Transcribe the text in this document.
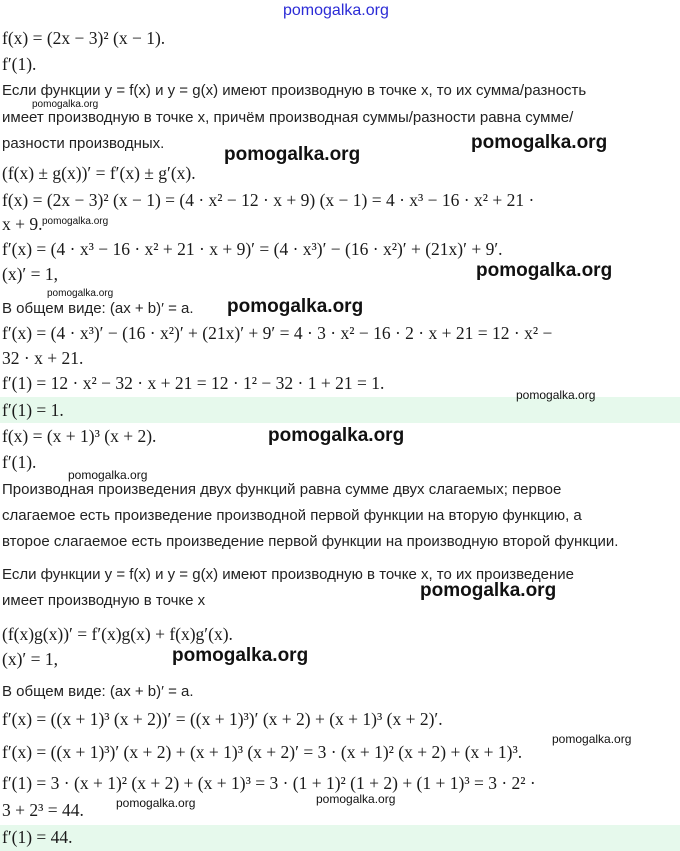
f(x) = (2x − 3)² (x − 1).
f′(1).
Если функции y = f(x) и y = g(x) имеют производную в точке x, то их сумма/разность
имеет производную в точке x, причём производная суммы/разности равна сумме/
разности производных.
(f(x) ± g(x))′ = f′(x) ± g′(x).
f(x) = (2x − 3)² (x − 1) = (4 · x² − 12 · x + 9) (x − 1) = 4 · x³ − 16 · x² + 21 ·
x + 9.
f′(x) = (4 · x³ − 16 · x² + 21 · x + 9)′ = (4 · x³)′ − (16 · x²)′ + (21x)′ + 9′.
(x)′ = 1,
В общем виде: (ax + b)′ = a.
f′(x) = (4 · x³)′ − (16 · x²)′ + (21x)′ + 9′ = 4 · 3 · x² − 16 · 2 · x + 21 = 12 · x² −
32 · x + 21.
f′(1) = 12 · x² − 32 · x + 21 = 12 · 1² − 32 · 1 + 21 = 1.
f′(1) = 1.
f(x) = (x + 1)³ (x + 2).
f′(1).
Производная произведения двух функций равна сумме двух слагаемых; первое
слагаемое есть произведение производной первой функции на вторую функцию, а
второе слагаемое есть произведение первой функции на производную второй функции.
Если функции y = f(x) и y = g(x) имеют производную в точке x, то их произведение
имеет производную в точке x
(f(x)g(x))′ = f′(x)g(x) + f(x)g′(x).
(x)′ = 1,
В общем виде: (ax + b)′ = a.
f′(x) = ((x + 1)³ (x + 2))′ = ((x + 1)³)′ (x + 2) + (x + 1)³ (x + 2)′.
f′(x) = ((x + 1)³)′ (x + 2) + (x + 1)³ (x + 2)′ = 3 · (x + 1)² (x + 2) + (x + 1)³.
f′(1) = 3 · (x + 1)² (x + 2) + (x + 1)³ = 3 · (1 + 1)² (1 + 2) + (1 + 1)³ = 3 · 2² ·
3 + 2³ = 44.
f′(1) = 44.
pomogalka.org
pomogalka.org
pomogalka.org
pomogalka.org
pomogalka.org
pomogalka.org
pomogalka.org
pomogalka.org
pomogalka.org
pomogalka.org
pomogalka.org
pomogalka.org
pomogalka.org
pomogalka.org
pomogalka.org	pomogalka.org
